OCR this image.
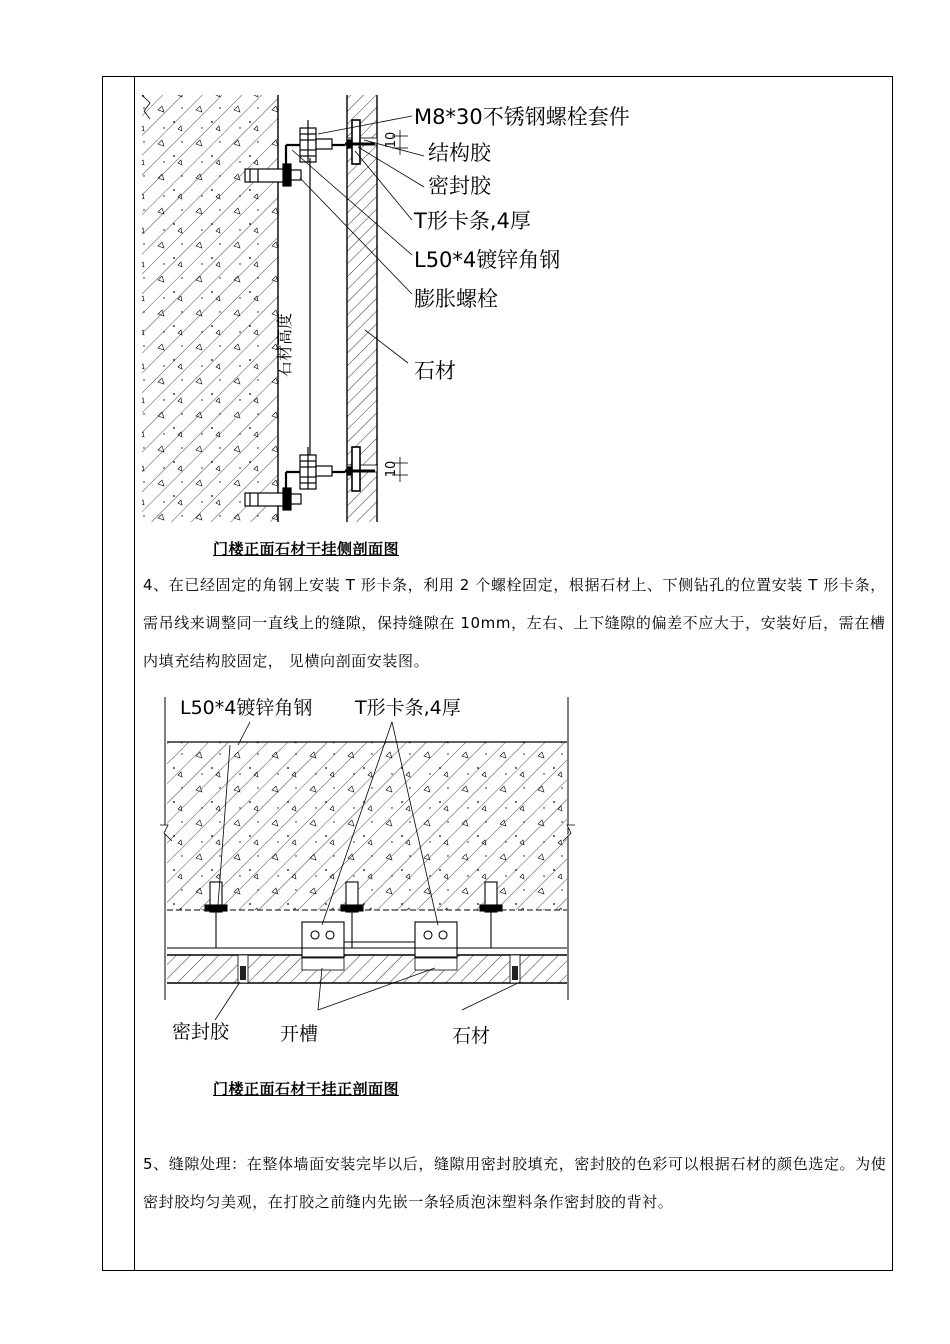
10
10
石材高度
M8*30不锈钢螺栓套件
结构胶
密封胶
T形卡条,4厚
L50*4镀锌角钢
膨胀螺栓
石材
L50*4镀锌角钢 T形卡条,4厚
密封胶	开槽	石材
门楼正面石材干挂侧剖面图
4、在已经固定的角钢上安装 T 形卡条，利用 2 个螺栓固定，根据石材上、下侧钻孔的位置安装 T 形卡条，需吊线来调整同一直线上的缝隙，保持缝隙在 10mm，左右、上下缝隙的偏差不应大于，安装好后，需在槽内填充结构胶固定， 见横向剖面安装图。
门楼正面石材干挂正剖面图
5、缝隙处理：在整体墙面安装完毕以后，缝隙用密封胶填充，密封胶的色彩可以根据石材的颜色选定。为使密封胶均匀美观，在打胶之前缝内先嵌一条轻质泡沫塑料条作密封胶的背衬。
